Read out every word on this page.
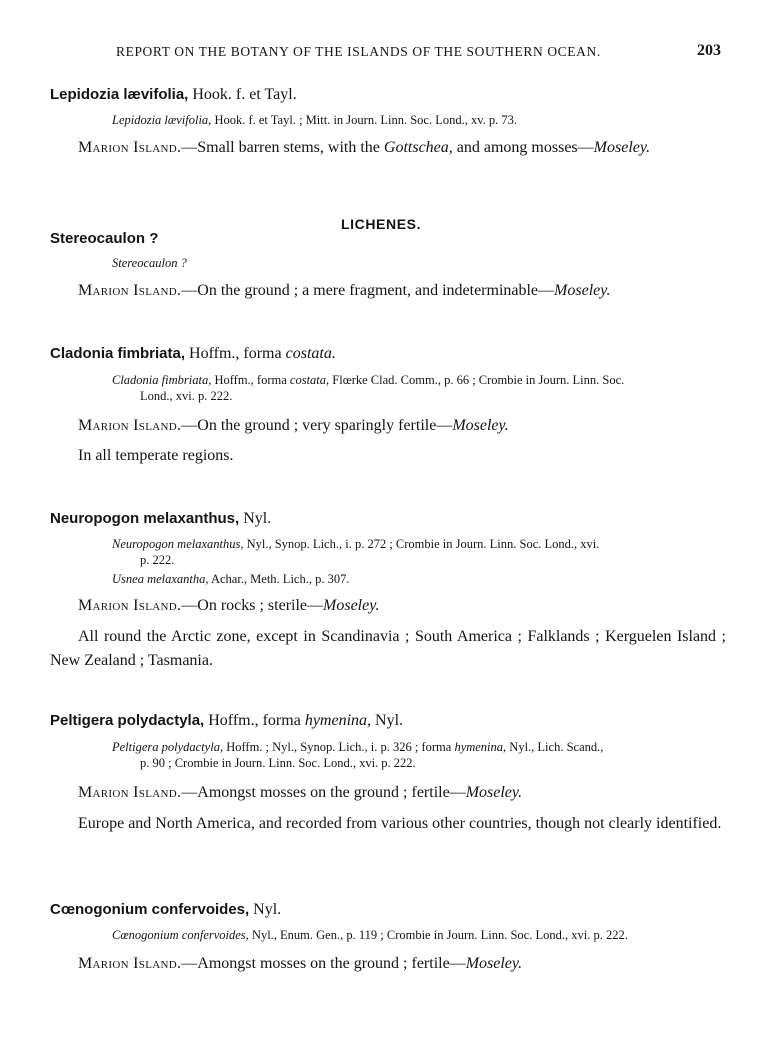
REPORT ON THE BOTANY OF THE ISLANDS OF THE SOUTHERN OCEAN.	203
Lepidozia lævifolia, Hook. f. et Tayl.
Lepidozia lævifolia, Hook. f. et Tayl. ; Mitt. in Journ. Linn. Soc. Lond., xv. p. 73.
Marion Island.—Small barren stems, with the Gottschea, and among mosses—Moseley.
LICHENES.
Stereocaulon ?
Stereocaulon ?
Marion Island.—On the ground ; a mere fragment, and indeterminable—Moseley.
Cladonia fimbriata, Hoffm., forma costata.
Cladonia fimbriata, Hoffm., forma costata, Flœrke Clad. Comm., p. 66 ; Crombie in Journ. Linn. Soc.
Lond., xvi. p. 222.
Marion Island.—On the ground ; very sparingly fertile—Moseley.
In all temperate regions.
Neuropogon melaxanthus, Nyl.
Neuropogon melaxanthus, Nyl., Synop. Lich., i. p. 272 ; Crombie in Journ. Linn. Soc. Lond., xvi.
p. 222.
Usnea melaxantha, Achar., Meth. Lich., p. 307.
Marion Island.—On rocks ; sterile—Moseley.
All round the Arctic zone, except in Scandinavia ; South America ; Falklands ; Kerguelen Island ; New Zealand ; Tasmania.
Peltigera polydactyla, Hoffm., forma hymenina, Nyl.
Peltigera polydactyla, Hoffm. ; Nyl., Synop. Lich., i. p. 326 ; forma hymenina, Nyl., Lich. Scand.,
p. 90 ; Crombie in Journ. Linn. Soc. Lond., xvi. p. 222.
Marion Island.—Amongst mosses on the ground ; fertile—Moseley.
Europe and North America, and recorded from various other countries, though not clearly identified.
Cœnogonium confervoides, Nyl.
Cœnogonium confervoides, Nyl., Enum. Gen., p. 119 ; Crombie in Journ. Linn. Soc. Lond., xvi. p. 222.
Marion Island.—Amongst mosses on the ground ; fertile—Moseley.
